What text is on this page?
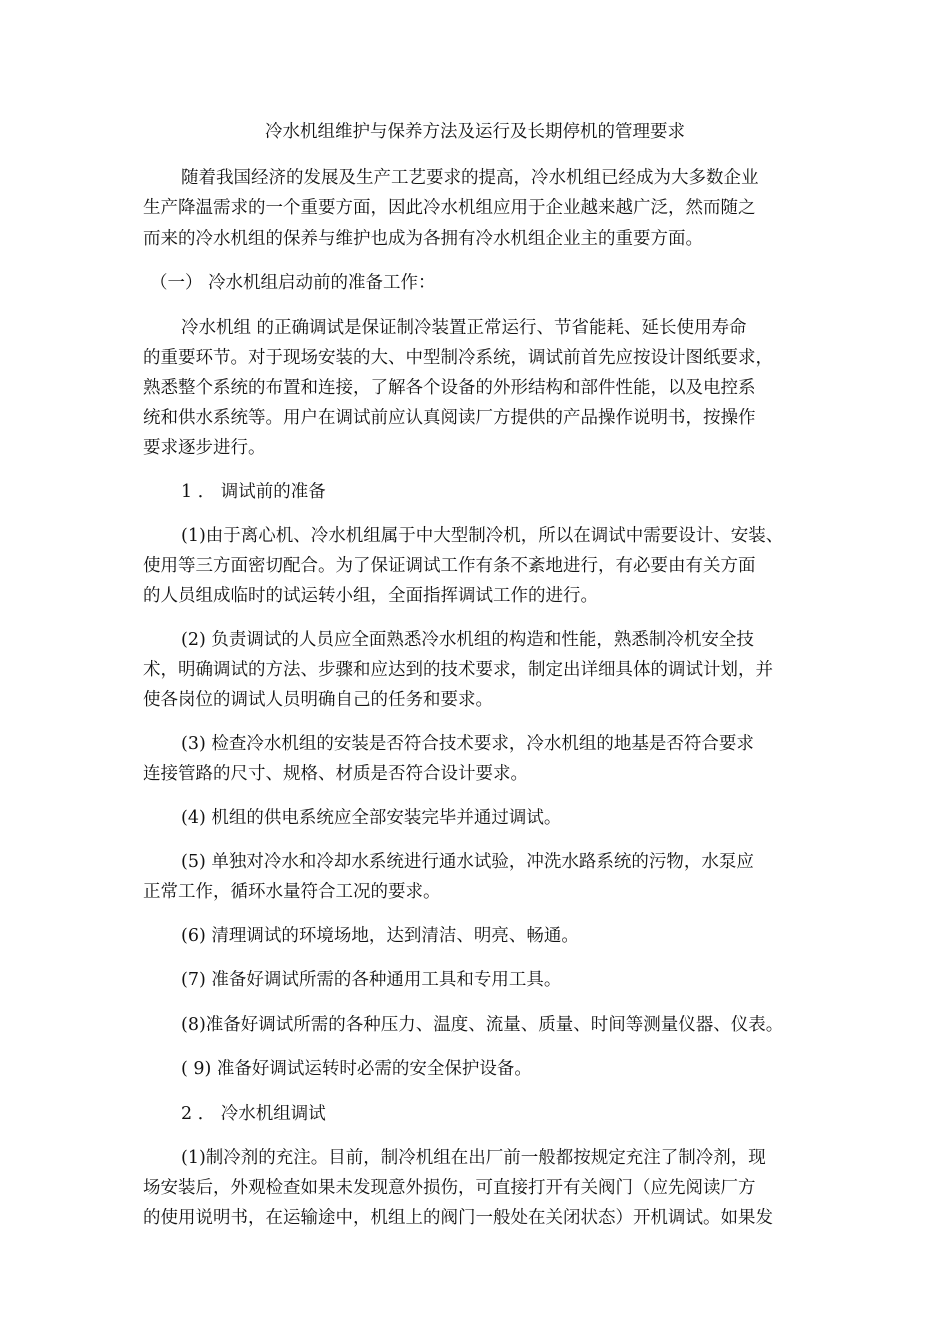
冷水机组维护与保养方法及运行及长期停机的管理要求
随着我国经济的发展及生产工艺要求的提高，冷水机组已经成为大多数企业
生产降温需求的一个重要方面，因此冷水机组应用于企业越来越广泛，然而随之
而来的冷水机组的保养与维护也成为各拥有冷水机组企业主的重要方面。
（一） 冷水机组启动前的准备工作：
冷水机组 的正确调试是保证制冷装置正常运行、节省能耗、延长使用寿命
的重要环节。对于现场安装的大、中型制冷系统，调试前首先应按设计图纸要求，
熟悉整个系统的布置和连接，了解各个设备的外形结构和部件性能，以及电控系
统和供水系统等。用户在调试前应认真阅读厂方提供的产品操作说明书，按操作
要求逐步进行。
1 ． 调试前的准备
(1)由于离心机、冷水机组属于中大型制冷机，所以在调试中需要设计、安装、
使用等三方面密切配合。为了保证调试工作有条不紊地进行，有必要由有关方面
的人员组成临时的试运转小组，全面指挥调试工作的进行。
(2) 负责调试的人员应全面熟悉冷水机组的构造和性能，熟悉制冷机安全技
术，明确调试的方法、步骤和应达到的技术要求，制定出详细具体的调试计划，并
使各岗位的调试人员明确自己的任务和要求。
(3) 检查冷水机组的安装是否符合技术要求，冷水机组的地基是否符合要求
连接管路的尺寸、规格、材质是否符合设计要求。
(4) 机组的供电系统应全部安装完毕并通过调试。
(5) 单独对冷水和冷却水系统进行通水试验，冲洗水路系统的污物，水泵应
正常工作，循环水量符合工况的要求。
(6) 清理调试的环境场地，达到清洁、明亮、畅通。
(7) 准备好调试所需的各种通用工具和专用工具。
(8)准备好调试所需的各种压力、温度、流量、质量、时间等测量仪器、仪表。
( 9) 准备好调试运转时必需的安全保护设备。
2 ． 冷水机组调试
(1)制冷剂的充注。目前，制冷机组在出厂前一般都按规定充注了制冷剂，现
场安装后，外观检查如果未发现意外损伤，可直接打开有关阀门（应先阅读厂方
的使用说明书，在运输途中，机组上的阀门一般处在关闭状态）开机调试。如果发
